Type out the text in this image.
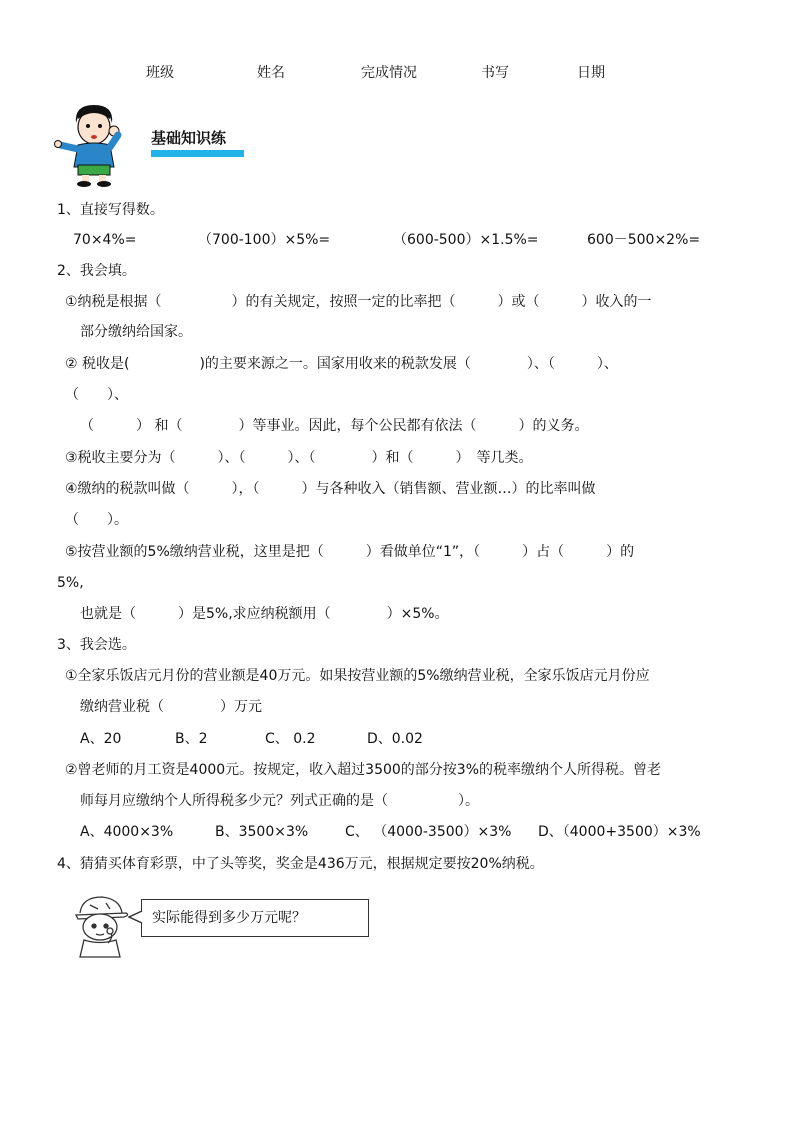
班级	姓名	完成情况	书写	日期
基础知识练
1、直接写得数。
70×4%=	（700-100）×5%=	（600-500）×1.5%=	600－500×2%=
2、我会填。
①纳税是根据（　　　　　）的有关规定，按照一定的比率把（　　　）或（　　　）收入的一
部分缴纳给国家。
② 税收是(　　　　　)的主要来源之一。国家用收来的税款发展（　　　　）、（　　　）、
（　　）、
（　　　） 和（　　　　）等事业。因此，每个公民都有依法（　　　）的义务。
③税收主要分为（　　　）、（　　　）、（　　　　）和（　　　）　等几类。
④缴纳的税款叫做（　　　），（　　　）与各种收入（销售额、营业额…）的比率叫做
（　　）。
⑤按营业额的5%缴纳营业税，这里是把（　　　）看做单位“1”，（　　　）占（　　　）的
5%,
也就是（　　　）是5%,求应纳税额用（　　　　）×5%。
3、我会选。
①全家乐饭店元月份的营业额是40万元。如果按营业额的5%缴纳营业税，全家乐饭店元月份应
缴纳营业税（　　　　）万元
A、20	B、2	C、 0.2	D、0.02
②曾老师的月工资是4000元。按规定，收入超过3500的部分按3%的税率缴纳个人所得税。曾老
师每月应缴纳个人所得税多少元？列式正确的是（　　　　　）。
A、4000×3%	B、3500×3%	C、 （4000-3500）×3% D、（4000+3500）×3%
4、猜猜买体育彩票，中了头等奖，奖金是436万元，根据规定要按20%纳税。
实际能得到多少万元呢？
